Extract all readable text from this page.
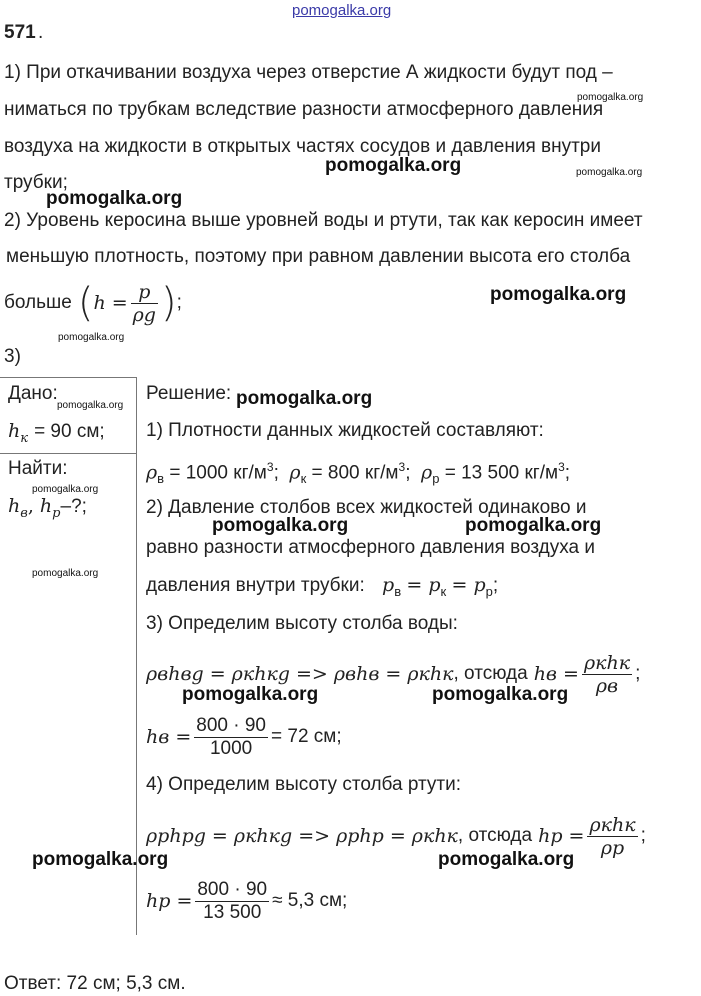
pomogalka.org
571 .
1) При откачивании воздуха через отверстие А жидкости будут под –
ниматься по трубкам вследствие разности атмосферного давления
воздуха на жидкости в открытых частях сосудов и давления внутри
трубки;
2) Уровень керосина выше уровней воды и ртути, так как керосин имеет
меньшую плотность, поэтому при равном давлении высота его столба
больше ( $h = \frac{p}{\rho g}$ ) ;
3)
Дано:
$h_к = 90$ см;
Найти:
$h_в$, $h_р-$?;
Решение:
1) Плотности данных жидкостей составляют:
$\rho_в = 1000$ $кг/м^3$; $\rho_к = 800$ $кг/м^3$; $\rho_р = 13$ 500 $кг/м^3$;
2) Давление столбов всех жидкостей одинаково и
равно разности атмосферного давления воздуха и
давления внутри трубки: $p_в = p_к = p_р$;
3) Определим высоту столба воды:
ρвhвg = ρкhкg => ρвhв = ρкhк , отсюда hв = $\frac{\text{ρкhк}}{\rho в}$ ;
hв = $\frac{800 \cdot 90}{1000} = 72$ см;
4) Определим высоту столба ртути:
ρрhрg = ρкhкg => ρрhр = ρкhк , отсюда hр = $\frac{\text{ρкhк}}{\rho р}$ ;
hр = $\frac{800 \cdot 90}{13 500} \approx 5,3$ см;
Ответ: 72 см; 5,3 см.
pomogalka.org
pomogalka.org
pomogalka.org
pomogalka.org
pomogalka.org	pomogalka.org
pomogalka.org	pomogalka.org
pomogalka.org	pomogalka.org
pomogalka.org
pomogalka.org
pomogalka.org
pomogalka.org
pomogalka.org
pomogalka.org
